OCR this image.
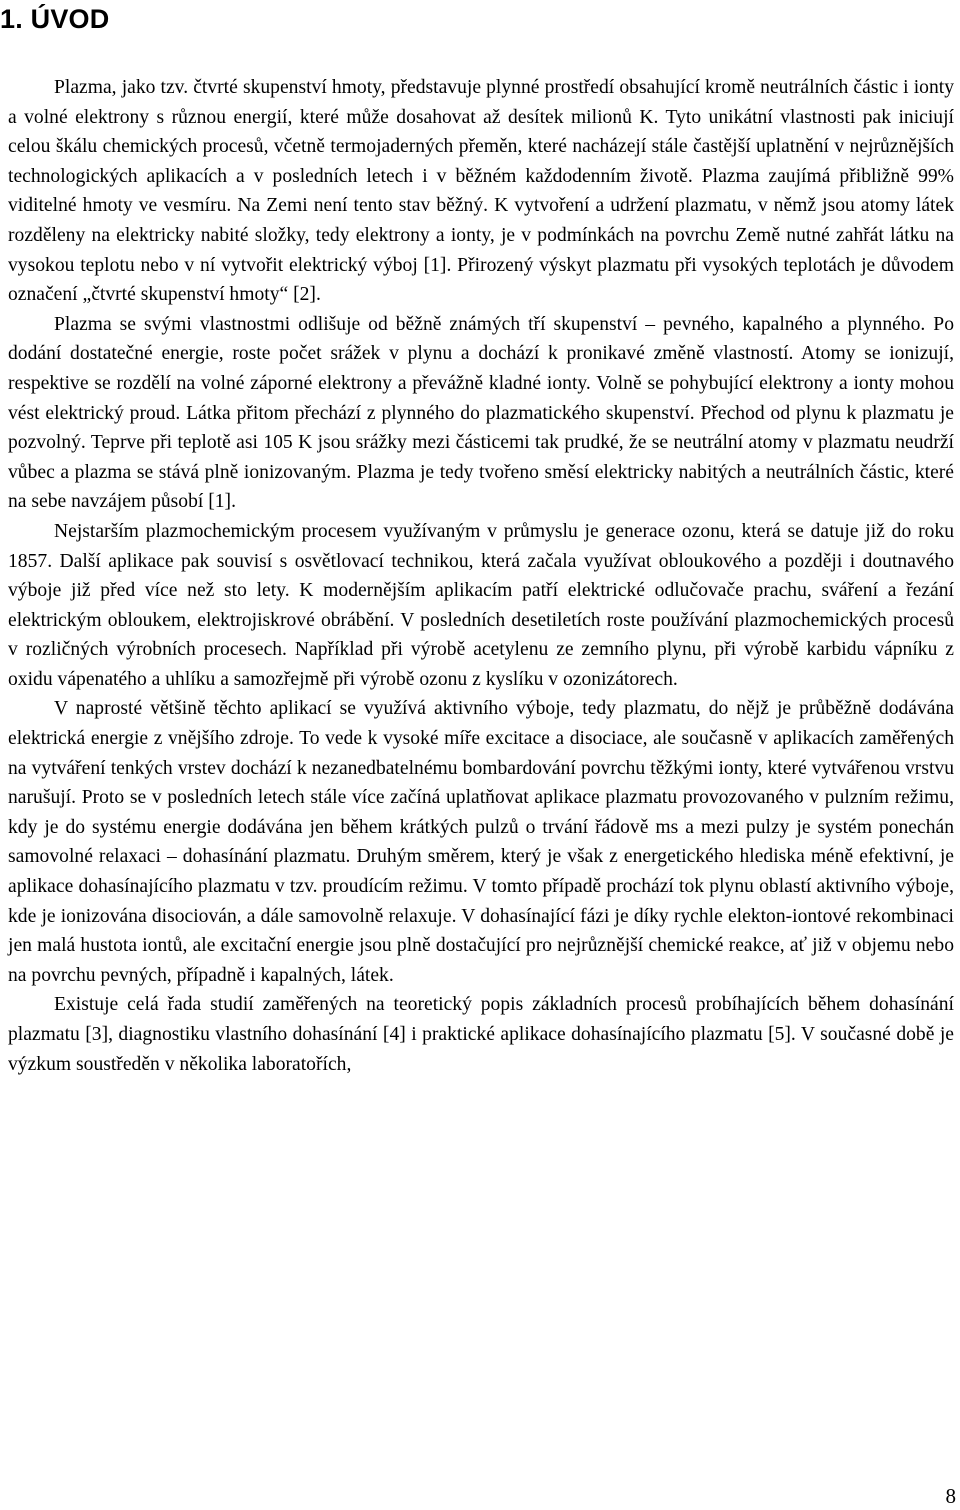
1. ÚVOD

Plazma, jako tzv. čtvrté skupenství hmoty, představuje plynné prostředí obsahující kromě neutrálních částic i ionty a volné elektrony s různou energií, které může dosahovat až desítek milionů K. Tyto unikátní vlastnosti pak iniciují celou škálu chemických procesů, včetně termojaderných přeměn, které nacházejí stále častější uplatnění v nejrůznějších technologických aplikacích a v posledních letech i v běžném každodenním životě. Plazma zaujímá přibližně 99% viditelné hmoty ve vesmíru. Na Zemi není tento stav běžný. K vytvoření a udržení plazmatu, v němž jsou atomy látek rozděleny na elektricky nabité složky, tedy elektrony a ionty, je v podmínkách na povrchu Země nutné zahřát látku na vysokou teplotu nebo v ní vytvořit elektrický výboj [1]. Přirozený výskyt plazmatu při vysokých teplotách je důvodem označení „čtvrté skupenství hmoty“ [2].

Plazma se svými vlastnostmi odlišuje od běžně známých tří skupenství – pevného, kapalného a plynného. Po dodání dostatečné energie, roste počet srážek v plynu a dochází k pronikavé změně vlastností. Atomy se ionizují, respektive se rozdělí na volné záporné elektrony a převážně kladné ionty. Volně se pohybující elektrony a ionty mohou vést elektrický proud. Látka přitom přechází z plynného do plazmatického skupenství. Přechod od plynu k plazmatu je pozvolný. Teprve při teplotě asi 105 K jsou srážky mezi částicemi tak prudké, že se neutrální atomy v plazmatu neudrží vůbec a plazma se stává plně ionizovaným. Plazma je tedy tvořeno směsí elektricky nabitých a neutrálních částic, které na sebe navzájem působí [1].

Nejstarším plazmochemickým procesem využívaným v průmyslu je generace ozonu, která se datuje již do roku 1857. Další aplikace pak souvisí s osvětlovací technikou, která začala využívat obloukového a později i doutnavého výboje již před více než sto lety. K modernějším aplikacím patří elektrické odlučovače prachu, sváření a řezání elektrickým obloukem, elektrojiskrové obrábění. V posledních desetiletích roste používání plazmochemických procesů v rozličných výrobních procesech. Například při výrobě acetylenu ze zemního plynu, při výrobě karbidu vápníku z oxidu vápenatého a uhlíku a samozřejmě při výrobě ozonu z kyslíku v ozonizátorech.

V naprosté většině těchto aplikací se využívá aktivního výboje, tedy plazmatu, do nějž je průběžně dodávána elektrická energie z vnějšího zdroje. To vede k vysoké míře excitace a disociace, ale současně v aplikacích zaměřených na vytváření tenkých vrstev dochází k nezanedbatelnému bombardování povrchu těžkými ionty, které vytvářenou vrstvu narušují. Proto se v posledních letech stále více začíná uplatňovat aplikace plazmatu provozovaného v pulzním režimu, kdy je do systému energie dodávána jen během krátkých pulzů o trvání řádově ms a mezi pulzy je systém ponechán samovolné relaxaci – dohasínání plazmatu. Druhým směrem, který je však z energetického hlediska méně efektivní, je aplikace dohasínajícího plazmatu v tzv. proudícím režimu. V tomto případě prochází tok plynu oblastí aktivního výboje, kde je ionizována disociován, a dále samovolně relaxuje. V dohasínající fázi je díky rychle elekton-iontové rekombinaci jen malá hustota iontů, ale excitační energie jsou plně dostačující pro nejrůznější chemické reakce, ať již v objemu nebo na povrchu pevných, případně i kapalných, látek.

Existuje celá řada studií zaměřených na teoretický popis základních procesů probíhajících během dohasínání plazmatu [3], diagnostiku vlastního dohasínání [4] i praktické aplikace dohasínajícího plazmatu [5]. V současné době je výzkum soustředěn v několika laboratořích,

8
